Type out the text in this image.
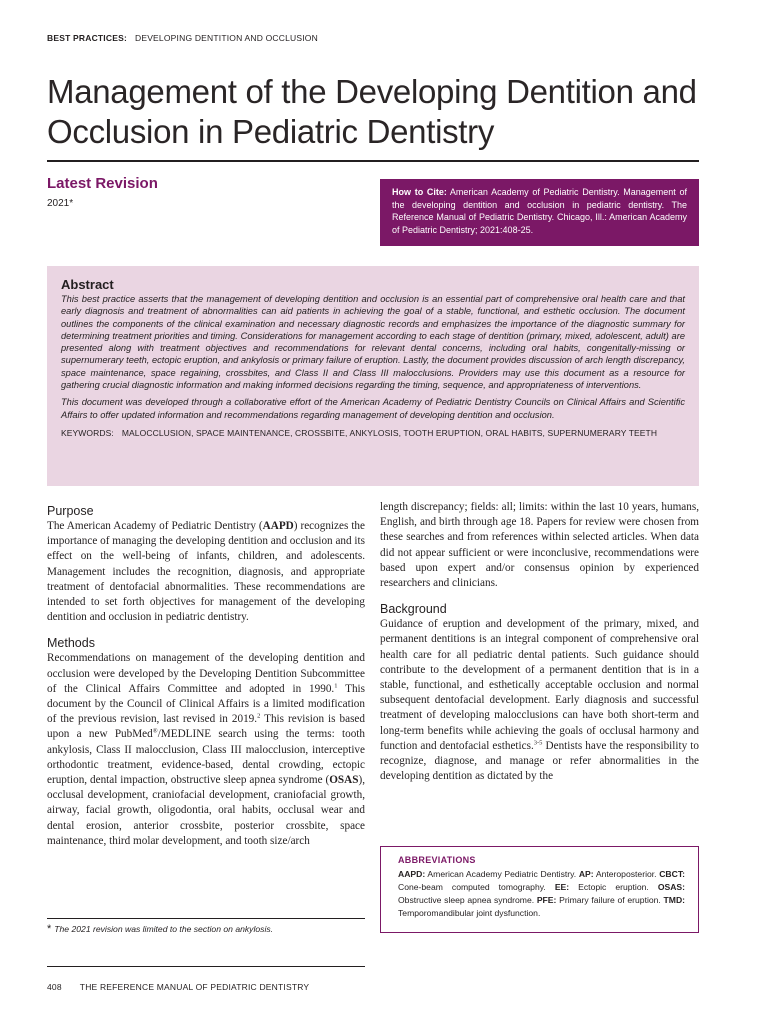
BEST PRACTICES: DEVELOPING DENTITION AND OCCLUSION
Management of the Developing Dentition and
Occlusion in Pediatric Dentistry
Latest Revision
2021*
How to Cite: American Academy of Pediatric Dentistry. Management of the developing dentition and occlusion in pediatric dentistry. The Reference Manual of Pediatric Dentistry. Chicago, Ill.: American Academy of Pediatric Dentistry; 2021:408-25.
Abstract

This best practice asserts that the management of developing dentition and occlusion is an essential part of comprehensive oral health care and that early diagnosis and treatment of abnormalities can aid patients in achieving the goal of a stable, functional, and esthetic occlusion. The document outlines the components of the clinical examination and necessary diagnostic records and emphasizes the importance of the diagnostic summary for determining treatment priorities and timing. Considerations for management according to each stage of dentition (primary, mixed, adolescent, adult) are presented along with treatment objectives and recommendations for relevant dental concerns, including oral habits, congenitally-missing or supernumerary teeth, ectopic eruption, and ankylosis or primary failure of eruption. Lastly, the document provides discussion of arch length discrepancy, space maintenance, space regaining, crossbites, and Class II and Class III malocclusions. Providers may use this document as a resource for gathering crucial diagnostic information and making informed decisions regarding the timing, sequence, and appropriateness of interventions.

This document was developed through a collaborative effort of the American Academy of Pediatric Dentistry Councils on Clinical Affairs and Scientific Affairs to offer updated information and recommendations regarding management of developing dentition and occlusion.

KEYWORDS: MALOCCLUSION, SPACE MAINTENANCE, CROSSBITE, ANKYLOSIS, TOOTH ERUPTION, ORAL HABITS, SUPERNUMERARY TEETH
Purpose

The American Academy of Pediatric Dentistry (AAPD) recognizes the importance of managing the developing dentition and occlusion and its effect on the well-being of infants, children, and adolescents. Management includes the recognition, diagnosis, and appropriate treatment of dentofacial abnormalities. These recommendations are intended to set forth objectives for management of the developing dentition and occlusion in pediatric dentistry.

Methods

Recommendations on management of the developing dentition and occlusion were developed by the Developing Dentition Subcommittee of the Clinical Affairs Committee and adopted in 1990.$^1$ This document by the Council of Clinical Affairs is a limited modification of the previous revision, last revised in 2019.$^2$ This revision is based upon a new PubMed®/MEDLINE search using the terms: tooth ankylosis, Class II malocclusion, Class III malocclusion, interceptive orthodontic treatment, evidence-based, dental crowding, ectopic eruption, dental impaction, obstructive sleep apnea syndrome (OSAS), occlusal development, craniofacial development, craniofacial growth, airway, facial growth, oligodontia, oral habits, occlusal wear and dental erosion, anterior crossbite, posterior crossbite, space maintenance, third molar development, and tooth size/arch

length discrepancy; fields: all; limits: within the last 10 years, humans, English, and birth through age 18. Papers for review were chosen from these searches and from references within selected articles. When data did not appear sufficient or were inconclusive, recommendations were based upon expert and/or consensus opinion by experienced researchers and clinicians.

Background

Guidance of eruption and development of the primary, mixed, and permanent dentitions is an integral component of comprehensive oral health care for all pediatric dental patients. Such guidance should contribute to the development of a permanent dentition that is in a stable, functional, and esthetically acceptable occlusion and normal subsequent dentofacial development. Early diagnosis and successful treatment of developing malocclusions can have both short-term and long-term benefits while achieving the goals of occlusal harmony and function and dentofacial esthetics.$^{3-5}$ Dentists have the responsibility to recognize, diagnose, and manage or refer abnormalities in the developing dentition as dictated by the

ABBREVIATIONS

AAPD: American Academy Pediatric Dentistry. AP: Anteroposterior. CBCT: Cone-beam computed tomography. EE: Ectopic eruption. OSAS: Obstructive sleep apnea syndrome. PFE: Primary failure of eruption. TMD: Temporomandibular joint dysfunction.

* The 2021 revision was limited to the section on ankylosis.
408 THE REFERENCE MANUAL OF PEDIATRIC DENTISTRY
